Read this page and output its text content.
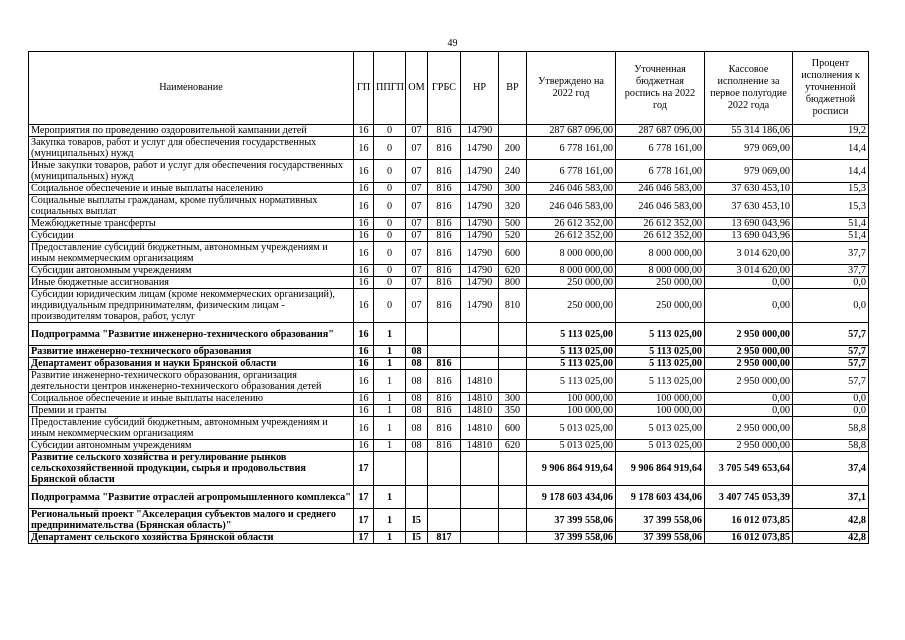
49
Наименование	ГП	ППГП	ОМ	ГРБС	НР	ВР	Утверждено на 2022 год	Уточненная бюджетная роспись на 2022 год	Кассовое исполнение за первое полугодие 2022 года	Процент исполнения к уточненной бюджетной росписи
Мероприятия по проведению оздоровительной кампании детей	16	0	07	816	14790		287 687 096,00	287 687 096,00	55 314 186,06	19,2
Закупка товаров, работ и услуг для обеспечения государственных (муниципальных) нужд	16	0	07	816	14790	200	6 778 161,00	6 778 161,00	979 069,00	14,4
Иные закупки товаров, работ и услуг для обеспечения государственных (муниципальных) нужд	16	0	07	816	14790	240	6 778 161,00	6 778 161,00	979 069,00	14,4
Социальное обеспечение и иные выплаты населению	16	0	07	816	14790	300	246 046 583,00	246 046 583,00	37 630 453,10	15,3
Социальные выплаты гражданам, кроме публичных нормативных социальных выплат	16	0	07	816	14790	320	246 046 583,00	246 046 583,00	37 630 453,10	15,3
Межбюджетные трансферты	16	0	07	816	14790	500	26 612 352,00	26 612 352,00	13 690 043,96	51,4
Субсидии	16	0	07	816	14790	520	26 612 352,00	26 612 352,00	13 690 043,96	51,4
Предоставление субсидий бюджетным, автономным учреждениям и иным некоммерческим организациям	16	0	07	816	14790	600	8 000 000,00	8 000 000,00	3 014 620,00	37,7
Субсидии автономным учреждениям	16	0	07	816	14790	620	8 000 000,00	8 000 000,00	3 014 620,00	37,7
Иные бюджетные ассигнования	16	0	07	816	14790	800	250 000,00	250 000,00	0,00	0,0
Субсидии юридическим лицам (кроме некоммерческих организаций), индивидуальным предпринимателям, физическим лицам - производителям товаров, работ, услуг	16	0	07	816	14790	810	250 000,00	250 000,00	0,00	0,0
Подпрограмма "Развитие инженерно-технического образования"	16	1					5 113 025,00	5 113 025,00	2 950 000,00	57,7
Развитие инженерно-технического образования	16	1	08				5 113 025,00	5 113 025,00	2 950 000,00	57,7
Департамент образования и науки Брянской области	16	1	08	816			5 113 025,00	5 113 025,00	2 950 000,00	57,7
Развитие инженерно-технического образования, организация деятельности центров инженерно-технического образования детей	16	1	08	816	14810		5 113 025,00	5 113 025,00	2 950 000,00	57,7
Социальное обеспечение и иные выплаты населению	16	1	08	816	14810	300	100 000,00	100 000,00	0,00	0,0
Премии и гранты	16	1	08	816	14810	350	100 000,00	100 000,00	0,00	0,0
Предоставление субсидий бюджетным, автономным учреждениям и иным некоммерческим организациям	16	1	08	816	14810	600	5 013 025,00	5 013 025,00	2 950 000,00	58,8
Субсидии автономным учреждениям	16	1	08	816	14810	620	5 013 025,00	5 013 025,00	2 950 000,00	58,8
Развитие сельского хозяйства и регулирование рынков сельскохозяйственной продукции, сырья и продовольствия Брянской области	17						9 906 864 919,64	9 906 864 919,64	3 705 549 653,64	37,4
Подпрограмма "Развитие отраслей агропромышленного комплекса"	17	1					9 178 603 434,06	9 178 603 434,06	3 407 745 053,39	37,1
Региональный проект "Акселерация субъектов малого и среднего предпринимательства (Брянская область)"	17	1	I5				37 399 558,06	37 399 558,06	16 012 073,85	42,8
Департамент сельского хозяйства Брянской области	17	1	I5	817			37 399 558,06	37 399 558,06	16 012 073,85	42,8
